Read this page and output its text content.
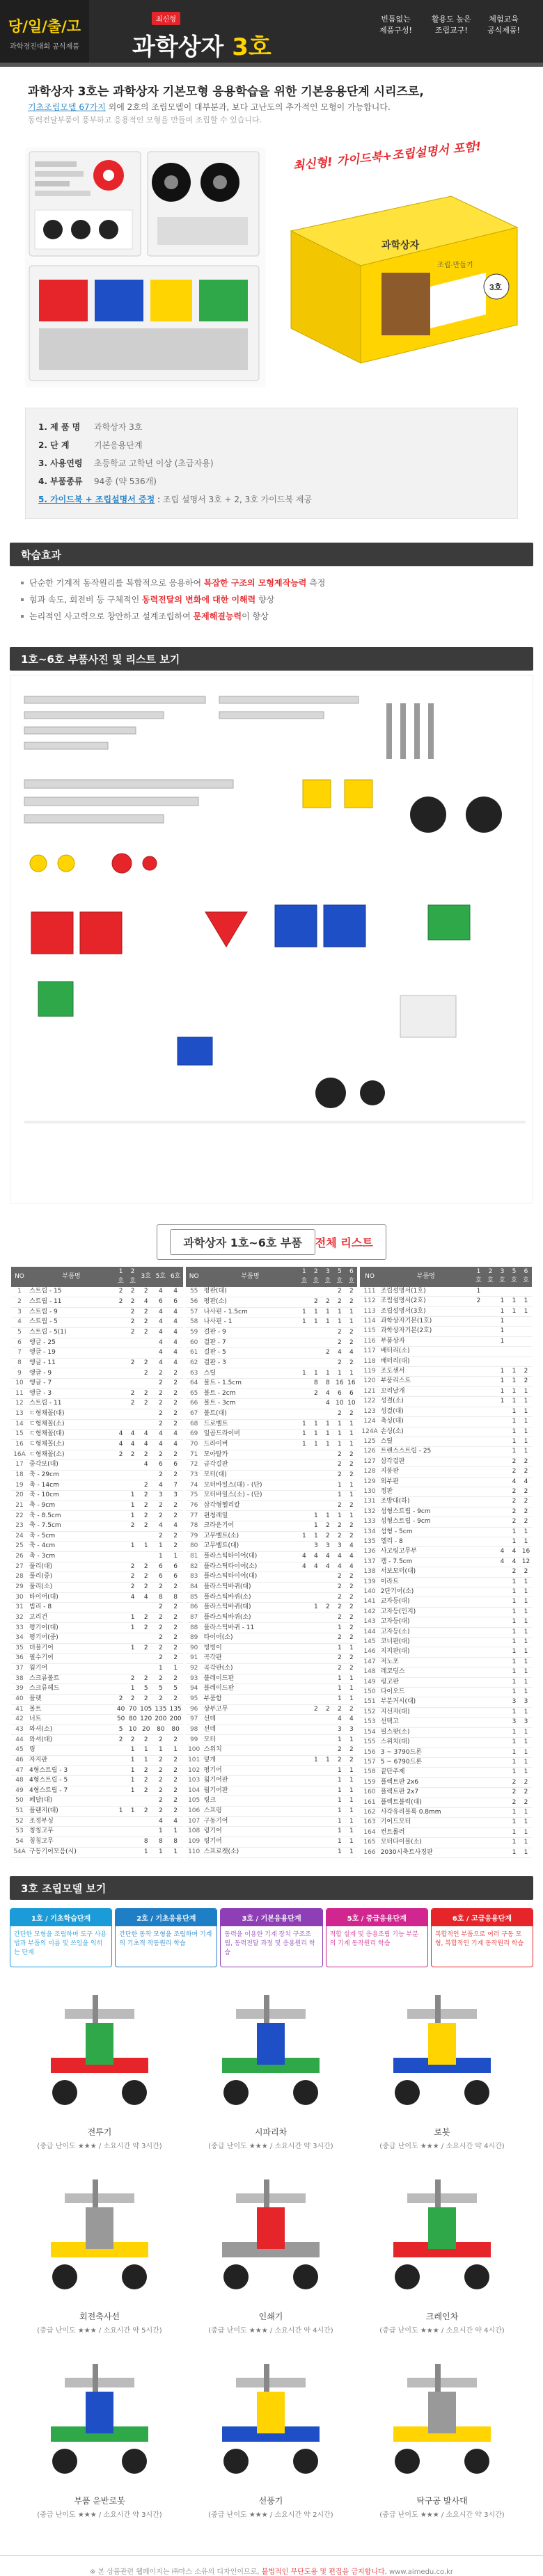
당/일/출/고
과학경진대회 공식제품
최신형
과학상자 3호
빈틈없는
제품구성!
활용도 높은
조립교구!
체험교육
공식제품!
과학상자 3호는 과학상자 기본모형 응용학습을 위한 기본응용단계 시리즈로,
기초조립모델 67가지 외에 2호의 조립모델이 대부분과, 보다 고난도의 추가적인 모형이 가능합니다.
동력전달부품이 풍부하고 응용적인 모형을 만들며 조립할 수 있습니다.
최신형! 가이드북+조립설명서 포함!
과학상자
3호
조립·만들기
1. 제 품 명 과학상자 3호
2. 단 계	기본응용단계
3. 사용연령 초등학교 고학년 이상 (초급자용)
4. 부품종류 94종 (약 536개)
5. 가이드북 + 조립설명서 증정 : 조립 설명서 3호 + 2, 3호 가이드북 제공
학습효과
단순한 기계적 동작원리를 복합적으로 응용하여 복잡한 구조의 모형제작능력 측정
힘과 속도, 회전비 등 구체적인 동력전달의 변화에 대한 이해력 향상
논리적인 사고력으로 창안하고 설계조립하여 문제해결능력이 향상
1호~6호 부품사진 및 리스트 보기
과학상자 1호~6호 부품전체 리스트
NO	부품명	1호	2호	3호	5호	6호
1	스트립 - 15	2	2	2	4	4
2	스트립 - 11	2	2	4	6	6
3	스트립 - 9		2	2	4	4
4	스트립 - 5		2	2	4	4
5	스트립 - 5(1)		2	2	4	4
6	앵글 - 25				4	4
7	앵글 - 19				4	4
8	앵글 - 11		2	2	4	4
9	앵글 - 9			2	2	2
10	앵글 - 7				2	2
11	앵글 - 3		2	2	2	2
12	스트립 - 11		2	2	2	2
13	ㄷ형채꼴(대)				2	2
14	ㄷ형채꼴(소)				2	2
15	ㄷ형채꼴(대)	4	4	4	4	4
16	ㄷ형채꼴(소)	4	4	4	4	4
16A	ㄷ형채꼴(소)	2	2	2	2	2
17	중각보(대)			4	6	6
18	축 - 29cm				2	2
19	축 - 14cm			2	4	7
20	축 - 10cm		1	2	3	3
21	축 - 9cm		1	2	2	2
22	축 - 8.5cm		1	2	2	2
23	축 - 7.5cm		2	2	4	4
24	축 - 5cm				2	2
25	축 - 4cm		1	1	1	2
26	축 - 3cm				1	1
27	풀리(대)		2	2	6	6
28	풀리(중)		2	2	6	6
29	풀리(소)		2	2	2	2
30	타이어(대)		4	4	8	8
31	빔리 - 8				2	2
32	고리건		1	2	2	2
33	평기어(대)		1	2	2	2
34	평기어(중)				2	2
35	더블기어		1	2	2	2
36	필수기어				2	2
37	웜기어				1	1
38	스크류볼트		2	2	2	2
39	스크류헤드		1	5	5	5
40	플랫	2	2	2	2	2
41	볼트	40	70	105	135	135
42	너트	50	80	120	200	200
43	와셔(소)	5	10	20	80	80
44	와셔(대)	2	2	2	2	2
45	링		1	1	1	1
46	자지판		1	1	2	2
47	4형스트립 - 3		1	2	2	2
48	4형스트립 - 5		1	2	2	2
49	4형스트립 - 7		1	2	2	2
50	페달(대)				2	2
51	플랜지(대)	1	1	2	2	2
52	조정부싱				4	4
53	칭칭고무				1	1
54	칭칭고무			8	8	8
54A	구동기어모음(시)			1	1	1
NO	부품명	1호	2호	3호	5호	6호
55	평판(대)				2	2
56	평판(소)		2	2	2	2
57	나사핀 - 1.5cm	1	1	1	1	1
58	나사핀 - 1	1	1	1	1	1
59	걸판 - 9				2	2
60	걸판 - 7				2	2
61	걸판 - 5			2	4	4
62	걸판 - 3				2	2
63	스틸	1	1	1	1	1
64	볼트 - 1.5cm		8	8	16	16
65	볼트 - 2cm		2	4	6	6
66	볼트 - 3cm			4	10	10
67	볼트(대)				2	2
68	드로벨트	1	1	1	1	1
69	일곱드라이버	1	1	1	1	1
70	드라이버	1	1	1	1	1
71	모아탈카				2	2
72	금각걸판				2	2
73	모터(대)				2	2
74	모터바일스(대) - (단)				1	1
75	모터바일스(소) - (단)				1	1
76	삼각형헬리칼				2	2
77	윈청레일		1	1	1	1
78	크라운기어		1	2	2	2
79	고무벨트(소)	1	1	2	2	2
80	고무벨트(대)		3	3	3	4
81	플라스틱타이어(대)	4	4	4	4	4
82	플라스틱타이어(소)	4	4	4	4	4
83	플라스틱타이어(대)				2	2
84	플라스틱바퀴(대)				2	2
85	플라스틱바퀴(소)				2	2
86	플라스틱바퀴(대)		1	2	2	2
87	플라스틱바퀴(소)				2	2
88	플라스틱바퀴 - 11				1	2
89	타이어(소)				2	2
90	빙빙이				1	1
91	곡각판				2	2
92	곡각판(소)				2	2
93	블레이드판				1	1
94	블레이드판				1	1
95	부품함				1	1
96	상부고무		2	2	2	2
97	선데				4	4
98	선데				3	3
99	모터				1	1
100	스위치				2	2
101	덮개		1	1	2	2
102	평기어				1	1
103	웜기어판				1	1
104	웜기어판				1	1
105	링크				1	1
106	스프링				1	1
107	구동기어				1	1
108	링기어				1	1
109	링기어				1	1
110	스프로켓(소)				1	1
NO	부품명	1호	2호	3호	5호	6호
111	조립설명서(1호)	1				
112	조립설명서(2호)	2		1	1	1
113	조립설명서(3호)			1	1	1
114	과학상자기본(1호)			1		
115	과학상자기본(2호)			1		
116	부품상자			1		
117	배터리(소)					
118	배터리(대)					
119	조도센서			1	1	2
120	부품리스트			1	1	2
121	꼬리날개			1	1	1
122	성결(소)			1	1	1
123	성결(대)				1	1
124	축싱(대)				1	1
124A	손싱(소)				1	1
125	스틸				1	1
126	트랜스스트립 - 25				1	1
127	삼각걸판				2	2
128	지붕판				2	2
129	외부판				4	4
130	정판				2	2
131	조방대(하)				2	2
132	섬형스트립 - 9cm				2	2
133	섬형스트립 - 9cm				2	2
134	섬형 - 5cm				1	1
135	엘리 - 8				1	1
136	사고링고무부			4	4	16
137	캠 - 7.5cm			4	4	12
138	서보모터(대)				2	2
139	이라트				1	1
140	2단기어(소)				1	1
141	교자등(대)				1	1
142	고자등(인지)				1	1
143	고자등(대)				1	1
144	고자등(소)				1	1
145	코너판(대)				1	1
146	지지판(대)				1	1
147	저노포				1	1
148	레코딩스				1	1
149	링고판				1	1
150	다이오드				1	1
151	부분거시(대)				3	3
152	지선자(대)				1	1
153	선택고				3	3
154	필스팟(소)				1	1
155	스위치(대)				1	1
156	3 ~ 3790드론				1	1
157	5 ~ 6790드론				1	1
158	끝단주제				1	1
159	플렉트판 2x6				2	2
160	플렉트판 2x7				2	2
161	플렉트블럭(대)				2	2
162	사각유리블록 0.8mm				1	1
163	기어드모터				1	1
164	컨트롤러				1	1
165	모터다이블(소)				1	1
166	2030시축트사징판				1	1
3호 조립모델 보기
1호 / 기초학습단계
간단한 모형을 조립하며 도구 사용법과 부품의 이름 및 쓰임을 익히는 단계
2호 / 기초응용단계
간단한 동작 모형을 조립하며 기계의 기초적 작동원리 학습
3호 / 기본응용단계
동력을 이용한 기계 장치 구조조립, 동력전달 과정 및 응용원리 학습
5호 / 중급응용단계
적합 설계 및 응용조립 기능 부분의 기계 동작원리 학습
6호 / 고급응용단계
복합적인 부품으로 여러 구동 모형, 복합적인 기계 동작원리 학습
전투기
(중급 난이도 ★★★ / 소요시간 약 3시간)
시파리차
(중급 난이도 ★★★ / 소요시간 약 3시간)
로봇
(중급 난이도 ★★★ / 소요시간 약 4시간)
회전축사선
(중급 난이도 ★★★ / 소요시간 약 5시간)
인쇄기
(중급 난이도 ★★★ / 소요시간 약 4시간)
크레인차
(중급 난이도 ★★★ / 소요시간 약 4시간)
부품 운반로봇
(중급 난이도 ★★★ / 소요시간 약 3시간)
선풍기
(중급 난이도 ★★★ / 소요시간 약 2시간)
탁구공 발사대
(중급 난이도 ★★★ / 소요시간 약 3시간)
※ 본 상품관련 웹페이지는 ㈜마스 소유의 디자인이므로, 불법적인 무단도용 및 편집을 금지합니다. www.aimedu.co.kr
